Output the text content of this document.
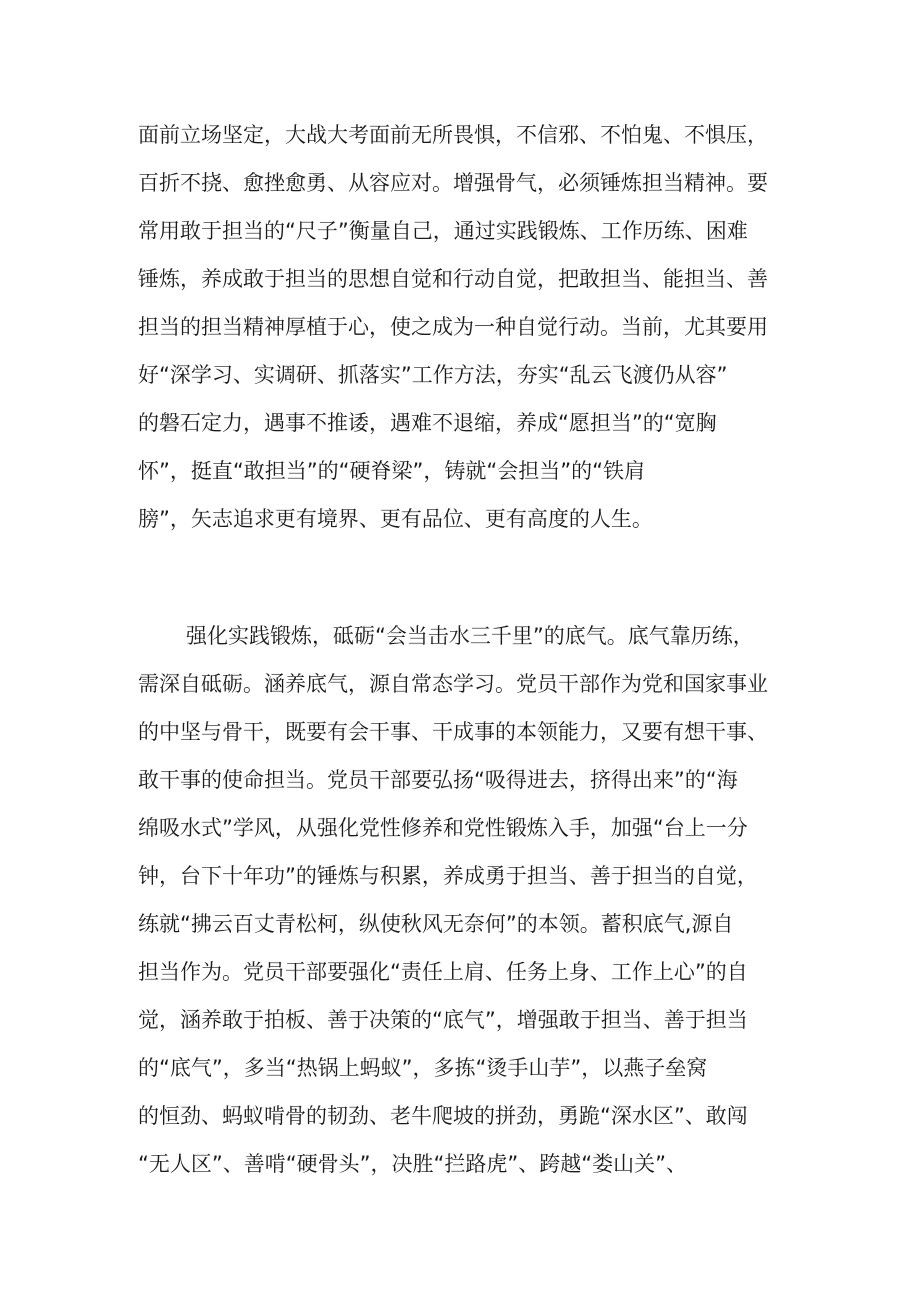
面前立场坚定，大战大考面前无所畏惧，不信邪、不怕鬼、不惧压，
百折不挠、愈挫愈勇、从容应对。增强骨气，必须锤炼担当精神。要
常用敢于担当的“尺子”衡量自己，通过实践锻炼、工作历练、困难
锤炼，养成敢于担当的思想自觉和行动自觉，把敢担当、能担当、善
担当的担当精神厚植于心，使之成为一种自觉行动。当前，尤其要用
好“深学习、实调研、抓落实”工作方法，夯实“乱云飞渡仍从容”
的磐石定力，遇事不推诿，遇难不退缩，养成“愿担当”的“宽胸
怀”，挺直“敢担当”的“硬脊梁”，铸就“会担当”的“铁肩
膀”，矢志追求更有境界、更有品位、更有高度的人生。
强化实践锻炼，砥砺“会当击水三千里”的底气。底气靠历练，
需深自砥砺。涵养底气，源自常态学习。党员干部作为党和国家事业
的中坚与骨干，既要有会干事、干成事的本领能力，又要有想干事、
敢干事的使命担当。党员干部要弘扬“吸得进去，挤得出来”的“海
绵吸水式”学风，从强化党性修养和党性锻炼入手，加强“台上一分
钟，台下十年功”的锤炼与积累，养成勇于担当、善于担当的自觉，
练就“拂云百丈青松柯，纵使秋风无奈何”的本领。蓄积底气,源自
担当作为。党员干部要强化“责任上肩、任务上身、工作上心”的自
觉，涵养敢于拍板、善于决策的“底气”，增强敢于担当、善于担当
的“底气”，多当“热锅上蚂蚁”，多拣“烫手山芋”，以燕子垒窝
的恒劲、蚂蚁啃骨的韧劲、老牛爬坡的拼劲，勇跪“深水区”、敢闯
“无人区”、善啃“硬骨头”，决胜“拦路虎”、跨越“娄山关”、
